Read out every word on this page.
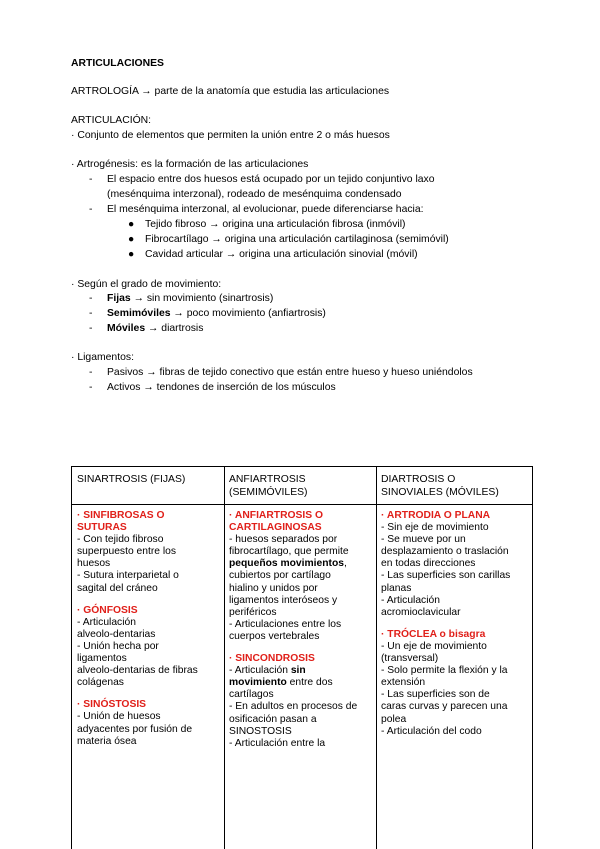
ARTICULACIONES
ARTROLOGÍA → parte de la anatomía que estudia las articulaciones
ARTICULACIÓN:
· Conjunto de elementos que permiten la unión entre 2 o más huesos
· Artrogénesis: es la formación de las articulaciones
- El espacio entre dos huesos está ocupado por un tejido conjuntivo laxo
(mesénquima interzonal), rodeado de mesénquima condensado
- El mesénquima interzonal, al evolucionar, puede diferenciarse hacia:
● Tejido fibroso → origina una articulación fibrosa (inmóvil)
● Fibrocartílago → origina una articulación cartilaginosa (semimóvil)
● Cavidad articular → origina una articulación sinovial (móvil)
· Según el grado de movimiento:
- Fijas → sin movimiento (sinartrosis)
- Semimóviles → poco movimiento (anfiartrosis)
- Móviles → diartrosis
· Ligamentos:
- Pasivos → fibras de tejido conectivo que están entre hueso y hueso uniéndolos
- Activos → tendones de inserción de los músculos
SINARTROSIS (FIJAS)	ANFIARTROSIS
(SEMIMÓVILES)
DIARTROSIS O
SINOVIALES (MÓVILES)
· SINFIBROSAS O
SUTURAS
- Con tejido fibroso
superpuesto entre los
huesos
- Sutura interparietal o
sagital del cráneo
· GÓNFOSIS
- Articulación
alveolo-dentarias
- Unión hecha por
ligamentos
alveolo-dentarias de fibras
colágenas
· SINÓSTOSIS
- Unión de huesos
adyacentes por fusión de
materia ósea
· ANFIARTROSIS O
CARTILAGINOSAS
- huesos separados por
fibrocartílago, que permite
pequeños movimientos,
cubiertos por cartílago
hialino y unidos por
ligamentos interóseos y
periféricos
- Articulaciones entre los
cuerpos vertebrales
· SINCONDROSIS
- Articulación sin
movimiento entre dos
cartílagos
- En adultos en procesos de
osificación pasan a
SINOSTOSIS
- Articulación entre la
· ARTRODIA O PLANA
- Sin eje de movimiento
- Se mueve por un
desplazamiento o traslación
en todas direcciones
- Las superficies son carillas
planas
- Articulación
acromioclavicular
· TRÓCLEA o bisagra
- Un eje de movimiento
(transversal)
- Solo permite la flexión y la
extensión
- Las superficies son de
caras curvas y parecen una
polea
- Articulación del codo
